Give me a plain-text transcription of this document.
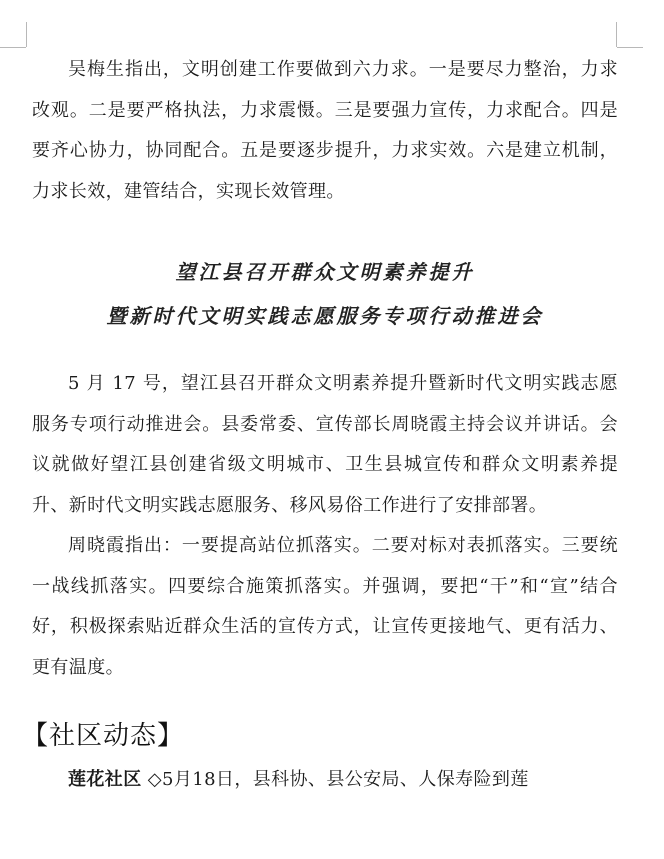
吴梅生指出，文明创建工作要做到六力求。一是要尽力整治，力求改观。二是要严格执法，力求震慑。三是要强力宣传，力求配合。四是要齐心协力，协同配合。五是要逐步提升，力求实效。六是建立机制，力求长效，建管结合，实现长效管理。

望江县召开群众文明素养提升
暨新时代文明实践志愿服务专项行动推进会

5 月 17 号，望江县召开群众文明素养提升暨新时代文明实践志愿服务专项行动推进会。县委常委、宣传部长周晓霞主持会议并讲话。会议就做好望江县创建省级文明城市、卫生县城宣传和群众文明素养提升、新时代文明实践志愿服务、移风易俗工作进行了安排部署。

周晓霞指出：一要提高站位抓落实。二要对标对表抓落实。三要统一战线抓落实。四要综合施策抓落实。并强调，要把“干”和“宣”结合好，积极探索贴近群众生活的宣传方式，让宣传更接地气、更有活力、更有温度。

【社区动态】

莲花社区 ◇5月18日，县科协、县公安局、人保寿险到莲
